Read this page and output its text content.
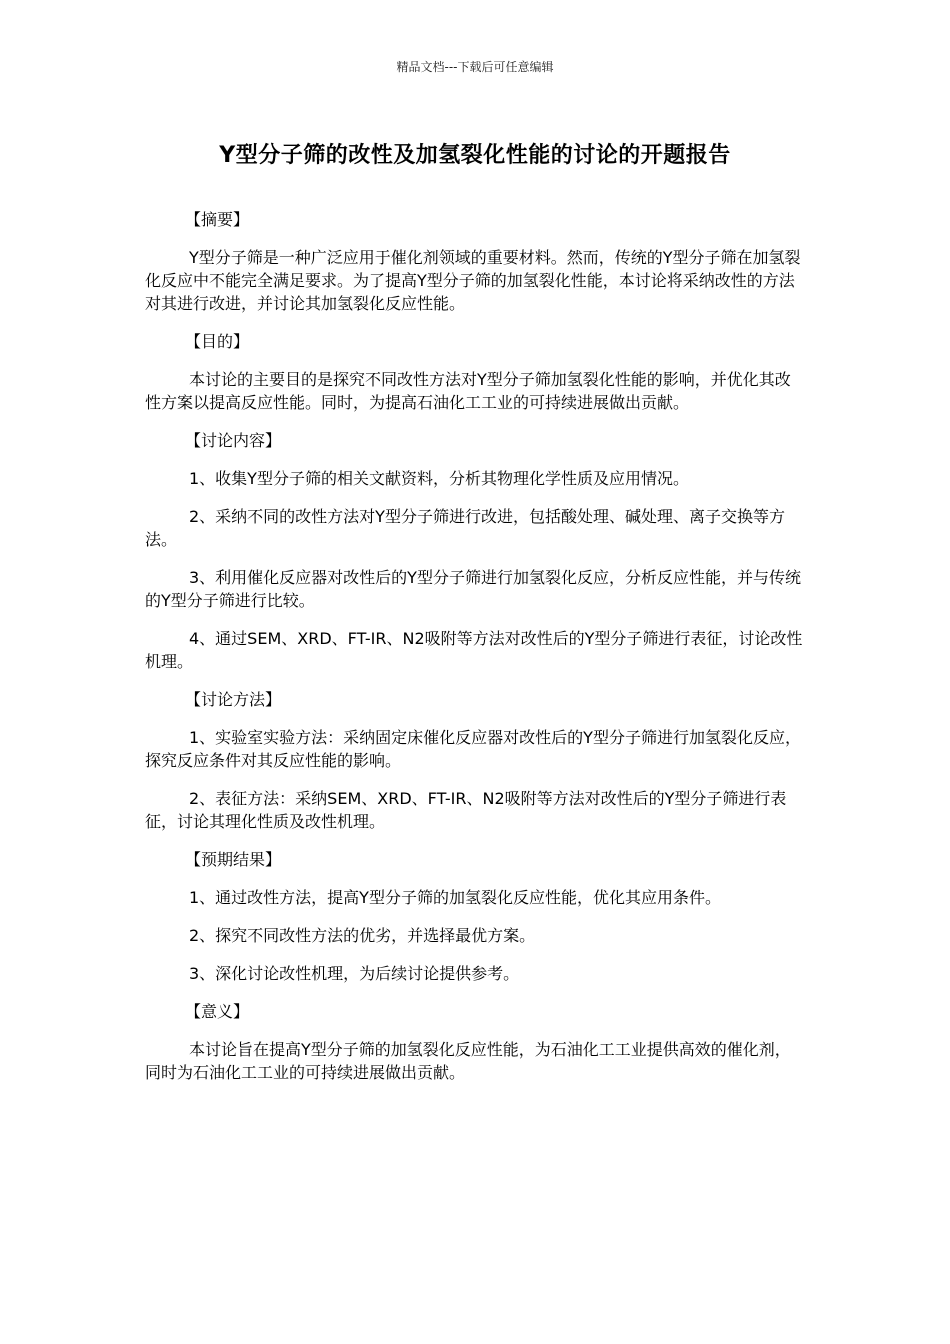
精品文档---下载后可任意编辑
Y型分子筛的改性及加氢裂化性能的讨论的开题报告

【摘要】

Y型分子筛是一种广泛应用于催化剂领域的重要材料。然而，传统的Y型分子筛在加氢裂化反应中不能完全满足要求。为了提高Y型分子筛的加氢裂化性能，本讨论将采纳改性的方法对其进行改进，并讨论其加氢裂化反应性能。

【目的】

本讨论的主要目的是探究不同改性方法对Y型分子筛加氢裂化性能的影响，并优化其改性方案以提高反应性能。同时，为提高石油化工工业的可持续进展做出贡献。

【讨论内容】

1、收集Y型分子筛的相关文献资料，分析其物理化学性质及应用情况。

2、采纳不同的改性方法对Y型分子筛进行改进，包括酸处理、碱处理、离子交换等方法。

3、利用催化反应器对改性后的Y型分子筛进行加氢裂化反应，分析反应性能，并与传统的Y型分子筛进行比较。

4、通过SEM、XRD、FT-IR、N2吸附等方法对改性后的Y型分子筛进行表征，讨论改性机理。

【讨论方法】

1、实验室实验方法：采纳固定床催化反应器对改性后的Y型分子筛进行加氢裂化反应，探究反应条件对其反应性能的影响。

2、表征方法：采纳SEM、XRD、FT-IR、N2吸附等方法对改性后的Y型分子筛进行表征，讨论其理化性质及改性机理。

【预期结果】

1、通过改性方法，提高Y型分子筛的加氢裂化反应性能，优化其应用条件。

2、探究不同改性方法的优劣，并选择最优方案。

3、深化讨论改性机理，为后续讨论提供参考。

【意义】

本讨论旨在提高Y型分子筛的加氢裂化反应性能，为石油化工工业提供高效的催化剂，同时为石油化工工业的可持续进展做出贡献。
